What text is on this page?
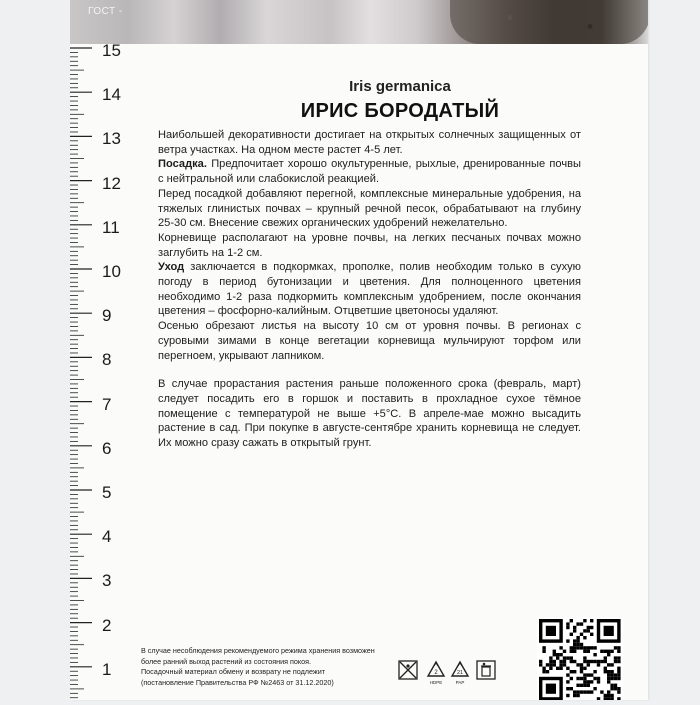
ГОСТ -
15
14
13
12
11
10
9
8
7
6
5
4
3
2
1
Iris germanica
ИРИС БОРОДАТЫЙ

Наибольшей декоративности достигает на открытых солнечных защищенных от ветра участках. На одном месте растет 4-5 лет.

Посадка. Предпочитает хорошо окультуренные, рыхлые, дренированные почвы с нейтральной или слабокислой реакцией.

Перед посадкой добавляют перегной, комплексные минеральные удобрения, на тяжелых глинистых почвах – крупный речной песок, обрабатывают на глубину 25-30 см. Внесение свежих органических удобрений нежелательно.

Корневище располагают на уровне почвы, на легких песчаных почвах можно заглубить на 1-2 см.

Уход заключается в подкормках, прополке, полив необходим только в сухую погоду в период бутонизации и цветения. Для полноценного цветения необходимо 1-2 раза подкормить комплексным удобрением, после окончания цветения – фосфорно-калийным. Отцветшие цветоносы удаляют.

Осенью обрезают листья на высоту 10 см от уровня почвы. В регионах с суровыми зимами в конце вегетации корневища мульчируют торфом или перегноем, укрывают лапником.

В случае прорастания растения раньше положенного срока (февраль, март) следует посадить его в горшок и поставить в прохладное сухое тёмное помещение с температурой не выше +5°С. В апреле-мае можно высадить растение в сад. При покупке в августе-сентябре хранить корневища не следует. Их можно сразу сажать в открытый грунт.

В случае несоблюдения рекомендуемого режима хранения возможен

более ранний выход растений из состояния покоя.

Посадочный материал обмену и возврату не подлежит

(постановление Правительства РФ №2463 от 31.12.2020)

2
HDPE
21
PAP
